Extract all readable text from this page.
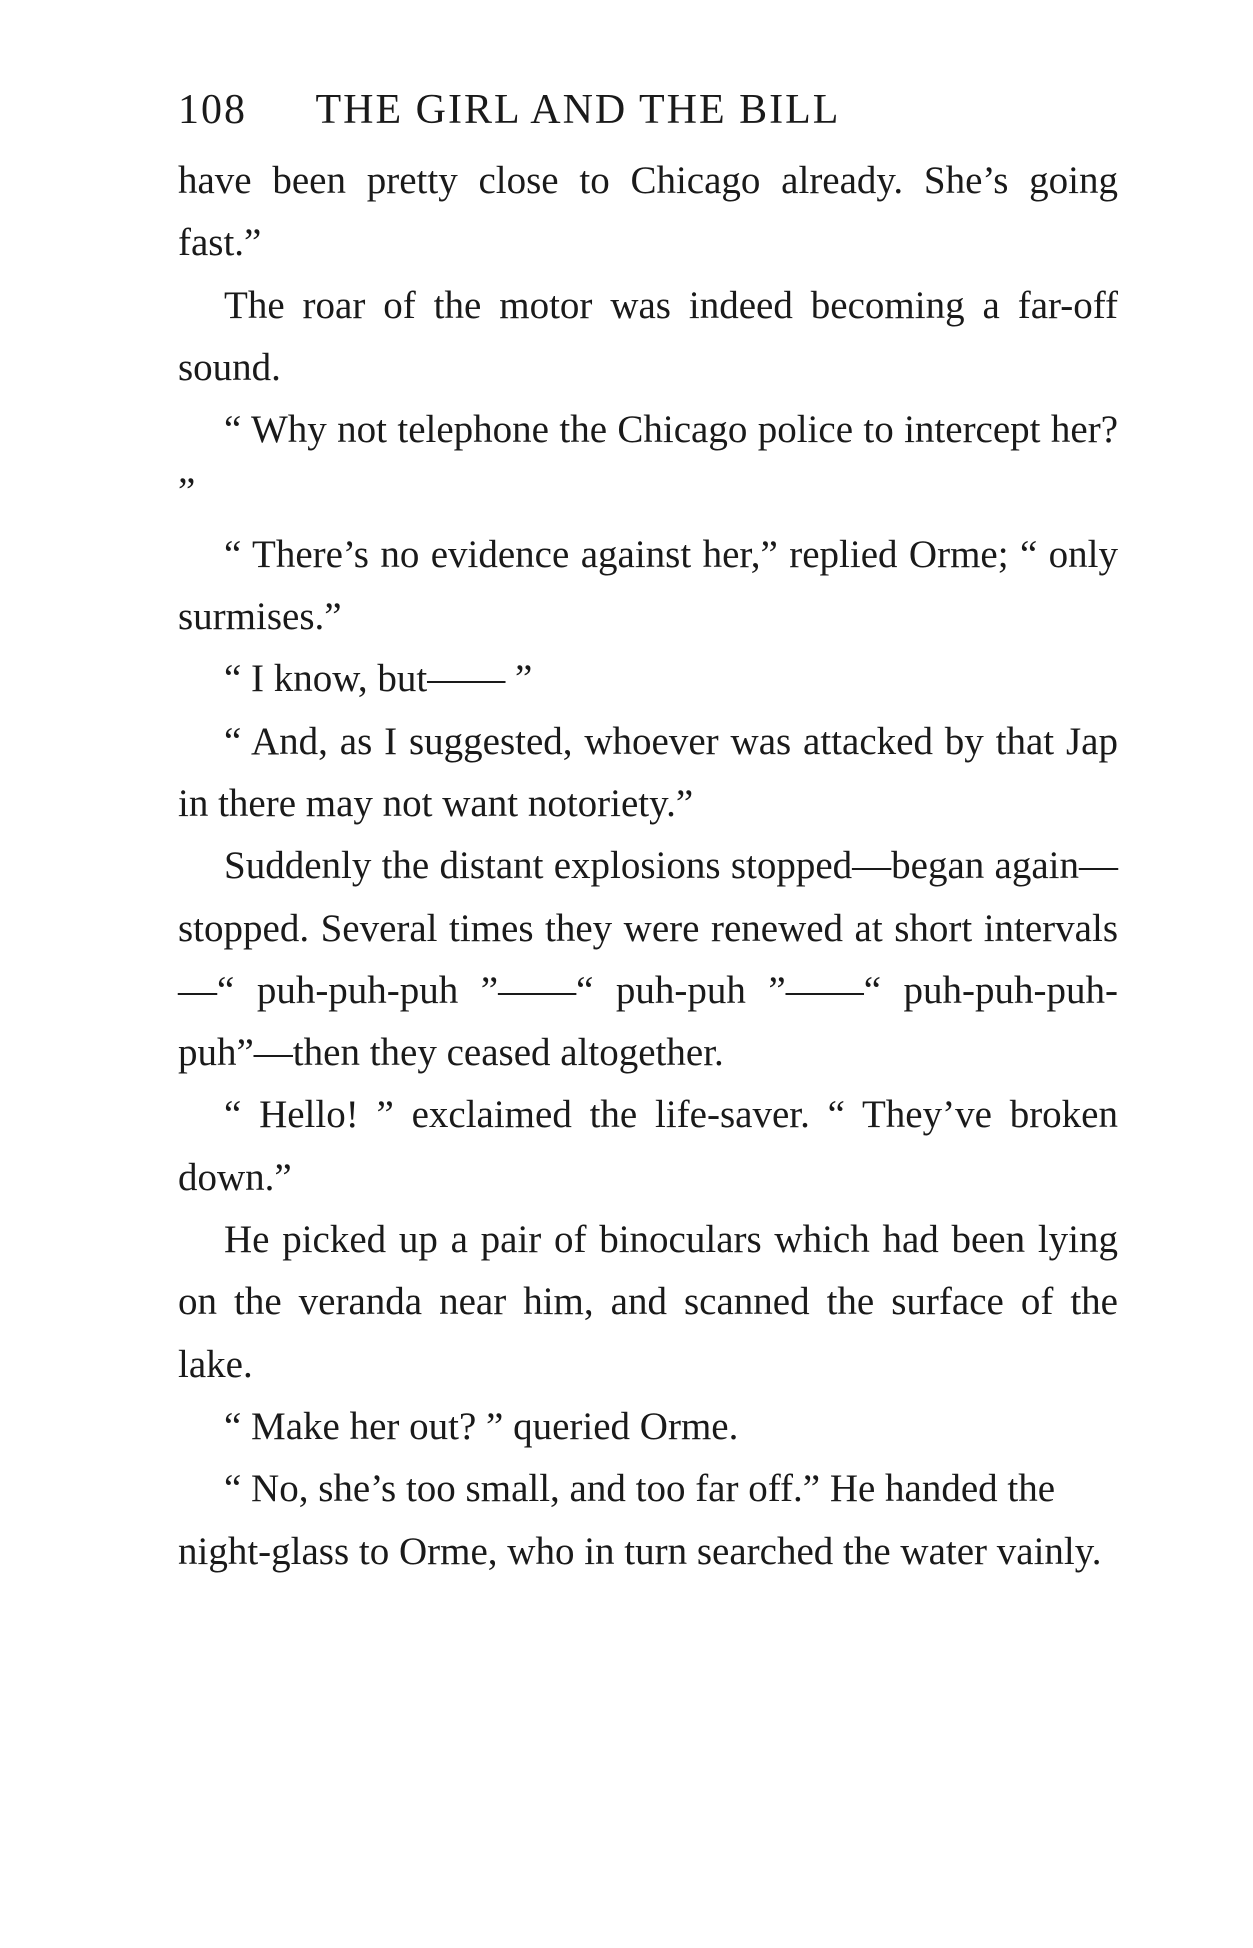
108 THE GIRL AND THE BILL

have been pretty close to Chicago already. She’s going fast.”

The roar of the motor was indeed becoming a far-off sound.

“ Why not telephone the Chicago police to intercept her? ”

“ There’s no evidence against her,” replied Orme; “ only surmises.”

“ I know, but—— ”

“ And, as I suggested, whoever was attacked by that Jap in there may not want notoriety.”

Suddenly the distant explosions stopped—began again—stopped. Several times they were renewed at short intervals—“ puh-puh-puh ”——“ puh-puh ”——“ puh-puh-puh-puh”—then they ceased altogether.

“ Hello! ” exclaimed the life-saver. “ They’ve broken down.”

He picked up a pair of binoculars which had been lying on the veranda near him, and scanned the surface of the lake.

“ Make her out? ” queried Orme.

“ No, she’s too small, and too far off.” He handed the night-glass to Orme, who in turn searched the water vainly.
